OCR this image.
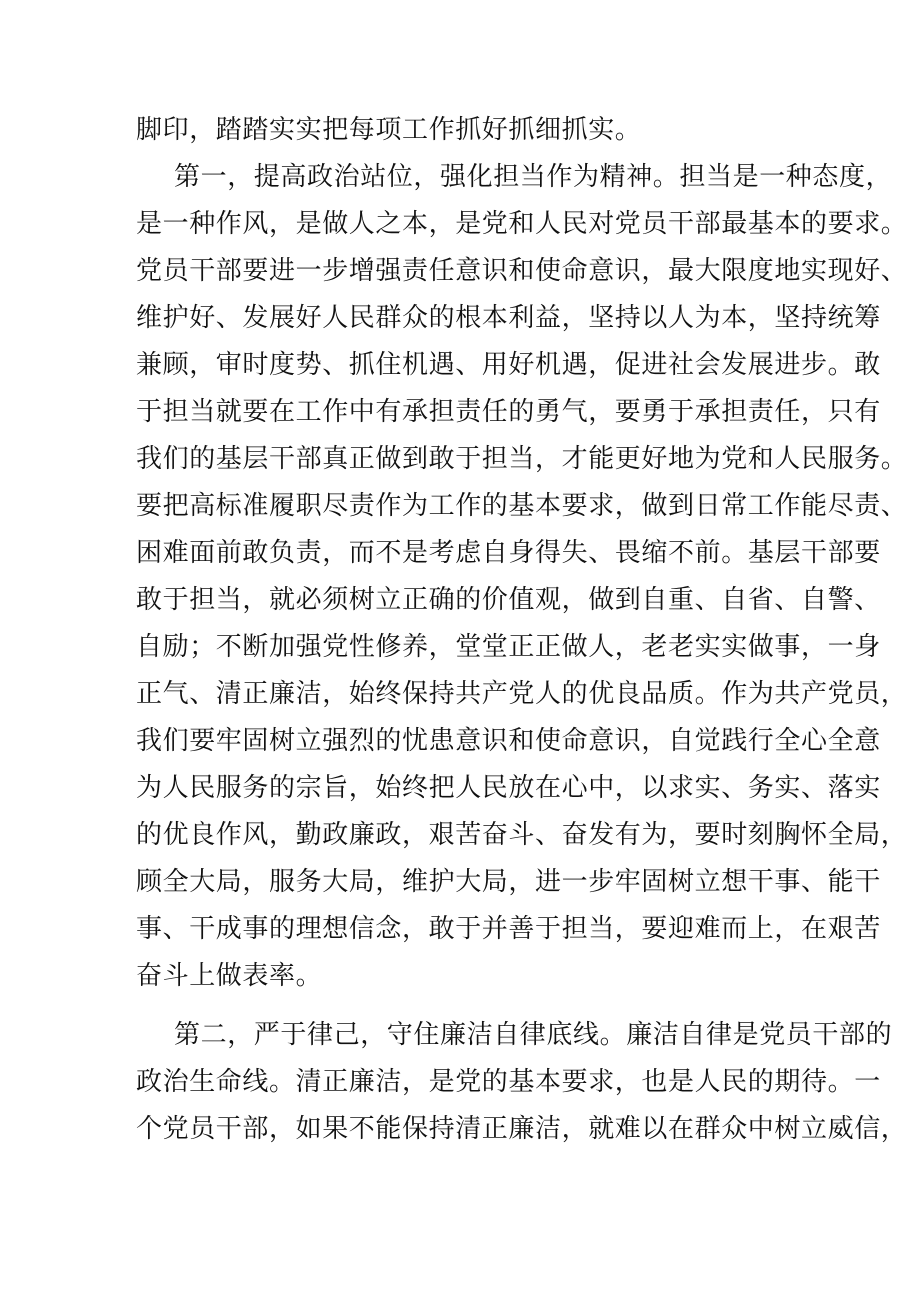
脚印，踏踏实实把每项工作抓好抓细抓实。
第一，提高政治站位，强化担当作为精神。担当是一种态度，
是一种作风，是做人之本，是党和人民对党员干部最基本的要求。
党员干部要进一步增强责任意识和使命意识，最大限度地实现好、
维护好、发展好人民群众的根本利益，坚持以人为本，坚持统筹
兼顾，审时度势、抓住机遇、用好机遇，促进社会发展进步。敢
于担当就要在工作中有承担责任的勇气，要勇于承担责任，只有
我们的基层干部真正做到敢于担当，才能更好地为党和人民服务。
要把高标准履职尽责作为工作的基本要求，做到日常工作能尽责、
困难面前敢负责，而不是考虑自身得失、畏缩不前。基层干部要
敢于担当，就必须树立正确的价值观，做到自重、自省、自警、
自励；不断加强党性修养，堂堂正正做人，老老实实做事，一身
正气、清正廉洁，始终保持共产党人的优良品质。作为共产党员，
我们要牢固树立强烈的忧患意识和使命意识，自觉践行全心全意
为人民服务的宗旨，始终把人民放在心中，以求实、务实、落实
的优良作风，勤政廉政，艰苦奋斗、奋发有为，要时刻胸怀全局，
顾全大局，服务大局，维护大局，进一步牢固树立想干事、能干
事、干成事的理想信念，敢于并善于担当，要迎难而上，在艰苦
奋斗上做表率。
第二，严于律己，守住廉洁自律底线。廉洁自律是党员干部的
政治生命线。清正廉洁，是党的基本要求，也是人民的期待。一
个党员干部，如果不能保持清正廉洁，就难以在群众中树立威信，
